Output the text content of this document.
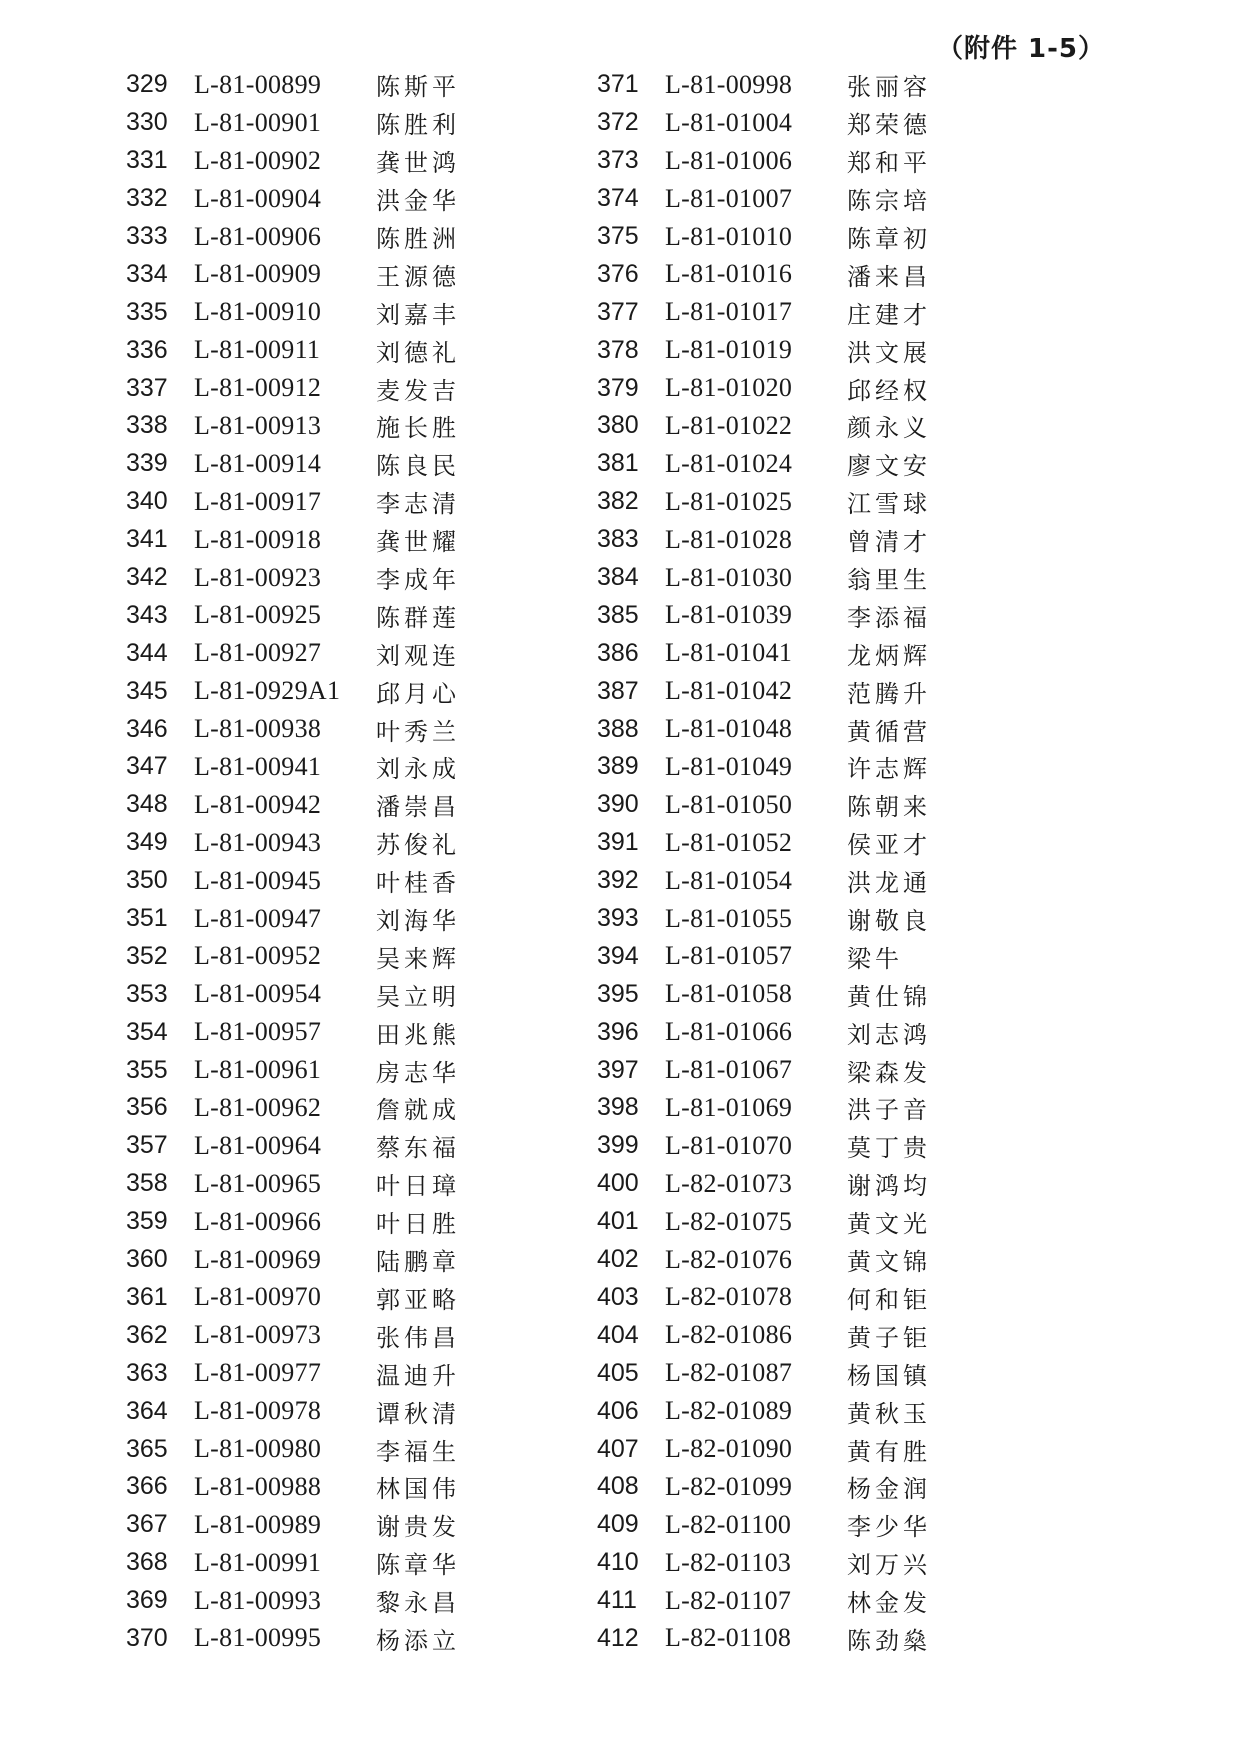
（附件 1-5）
329	L-81-00899	陈斯平
330	L-81-00901	陈胜利
331	L-81-00902	龚世鸿
332	L-81-00904	洪金华
333	L-81-00906	陈胜洲
334	L-81-00909	王源德
335	L-81-00910	刘嘉丰
336	L-81-00911	刘德礼
337	L-81-00912	麦发吉
338	L-81-00913	施长胜
339	L-81-00914	陈良民
340	L-81-00917	李志清
341	L-81-00918	龚世耀
342	L-81-00923	李成年
343	L-81-00925	陈群莲
344	L-81-00927	刘观连
345	L-81-0929A1	邱月心
346	L-81-00938	叶秀兰
347	L-81-00941	刘永成
348	L-81-00942	潘崇昌
349	L-81-00943	苏俊礼
350	L-81-00945	叶桂香
351	L-81-00947	刘海华
352	L-81-00952	吴来辉
353	L-81-00954	吴立明
354	L-81-00957	田兆熊
355	L-81-00961	房志华
356	L-81-00962	詹就成
357	L-81-00964	蔡东福
358	L-81-00965	叶日璋
359	L-81-00966	叶日胜
360	L-81-00969	陆鹏章
361	L-81-00970	郭亚略
362	L-81-00973	张伟昌
363	L-81-00977	温迪升
364	L-81-00978	谭秋清
365	L-81-00980	李福生
366	L-81-00988	林国伟
367	L-81-00989	谢贵发
368	L-81-00991	陈章华
369	L-81-00993	黎永昌
370	L-81-00995	杨添立
371	L-81-00998	张丽容
372	L-81-01004	郑荣德
373	L-81-01006	郑和平
374	L-81-01007	陈宗培
375	L-81-01010	陈章初
376	L-81-01016	潘来昌
377	L-81-01017	庄建才
378	L-81-01019	洪文展
379	L-81-01020	邱经权
380	L-81-01022	颜永义
381	L-81-01024	廖文安
382	L-81-01025	江雪球
383	L-81-01028	曾清才
384	L-81-01030	翁里生
385	L-81-01039	李添福
386	L-81-01041	龙炳辉
387	L-81-01042	范腾升
388	L-81-01048	黄循营
389	L-81-01049	许志辉
390	L-81-01050	陈朝来
391	L-81-01052	侯亚才
392	L-81-01054	洪龙通
393	L-81-01055	谢敬良
394	L-81-01057	梁牛
395	L-81-01058	黄仕锦
396	L-81-01066	刘志鸿
397	L-81-01067	梁森发
398	L-81-01069	洪子音
399	L-81-01070	莫丁贵
400	L-82-01073	谢鸿均
401	L-82-01075	黄文光
402	L-82-01076	黄文锦
403	L-82-01078	何和钜
404	L-82-01086	黄子钜
405	L-82-01087	杨国镇
406	L-82-01089	黄秋玉
407	L-82-01090	黄有胜
408	L-82-01099	杨金润
409	L-82-01100	李少华
410	L-82-01103	刘万兴
411	L-82-01107	林金发
412	L-82-01108	陈劲燊
